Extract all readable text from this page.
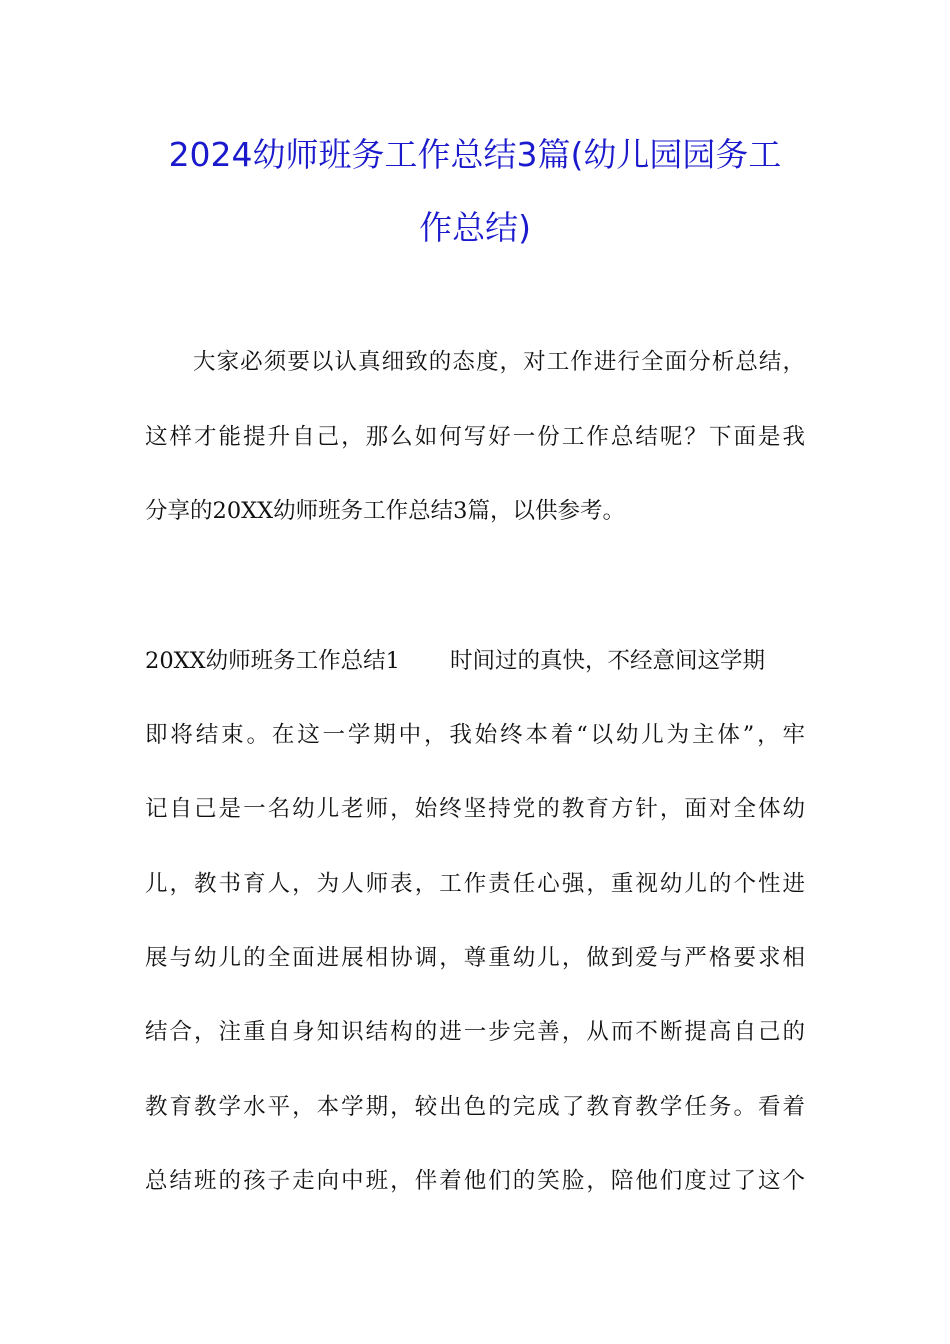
2024幼师班务工作总结3篇(幼儿园园务工
作总结)
大家必须要以认真细致的态度，对工作进行全面分析总结，
这样才能提升自己，那么如何写好一份工作总结呢？下面是我
分享的20XX幼师班务工作总结3篇，以供参考。
20XX幼师班务工作总结1 时间过的真快，不经意间这学期
即将结束。在这一学期中，我始终本着“以幼儿为主体”，牢
记自己是一名幼儿老师，始终坚持党的教育方针，面对全体幼
儿，教书育人，为人师表，工作责任心强，重视幼儿的个性进
展与幼儿的全面进展相协调，尊重幼儿，做到爱与严格要求相
结合，注重自身知识结构的进一步完善，从而不断提高自己的
教育教学水平，本学期，较出色的完成了教育教学任务。看着
总结班的孩子走向中班，伴着他们的笑脸，陪他们度过了这个
